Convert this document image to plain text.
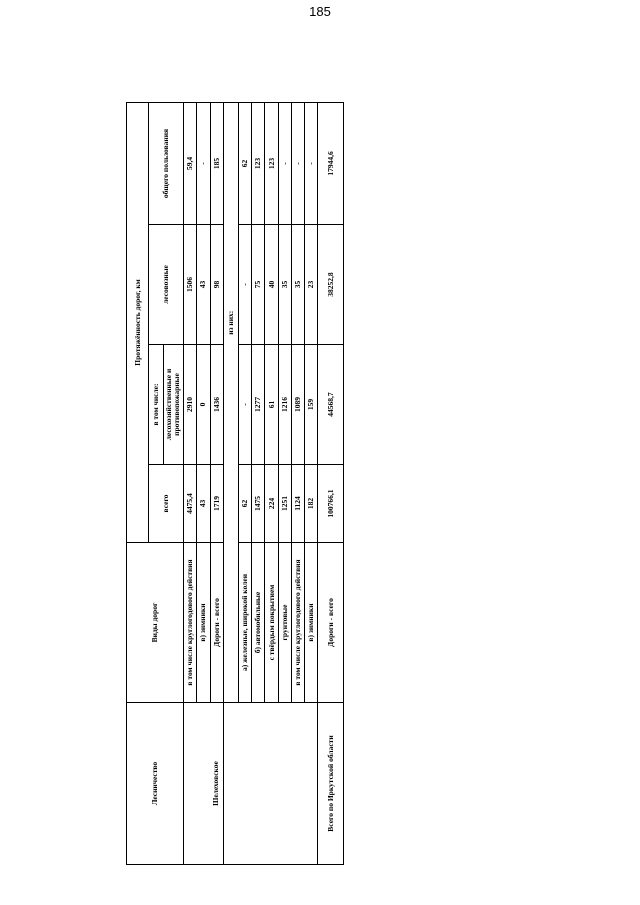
185
Лесничество	Виды дорог	Протяжённость дорог, км			
		всего	в том числе:	лесовозные	общего пользования
			лесохозяйственные и противопожарные		
	в том числе круглогодового действия	4475,4	2910	1506	59,4
	в) зимники	43	0	43	-
Шелеховское	Дороги - всего	1719	1436	98	185
		из них:			
	а) железные, широкой колеи	62	-	-	62
	б) автомобильные	1475	1277	75	123
	с твёрдым покрытием	224	61	40	123
	грунтовые	1251	1216	35	-
	в том числе круглогодового действия	1124	1089	35	-
	в) зимники	182	159	23	-
Всего по Иркутской области	Дороги - всего	100766,1	44568,7	38252,8	17944,6
